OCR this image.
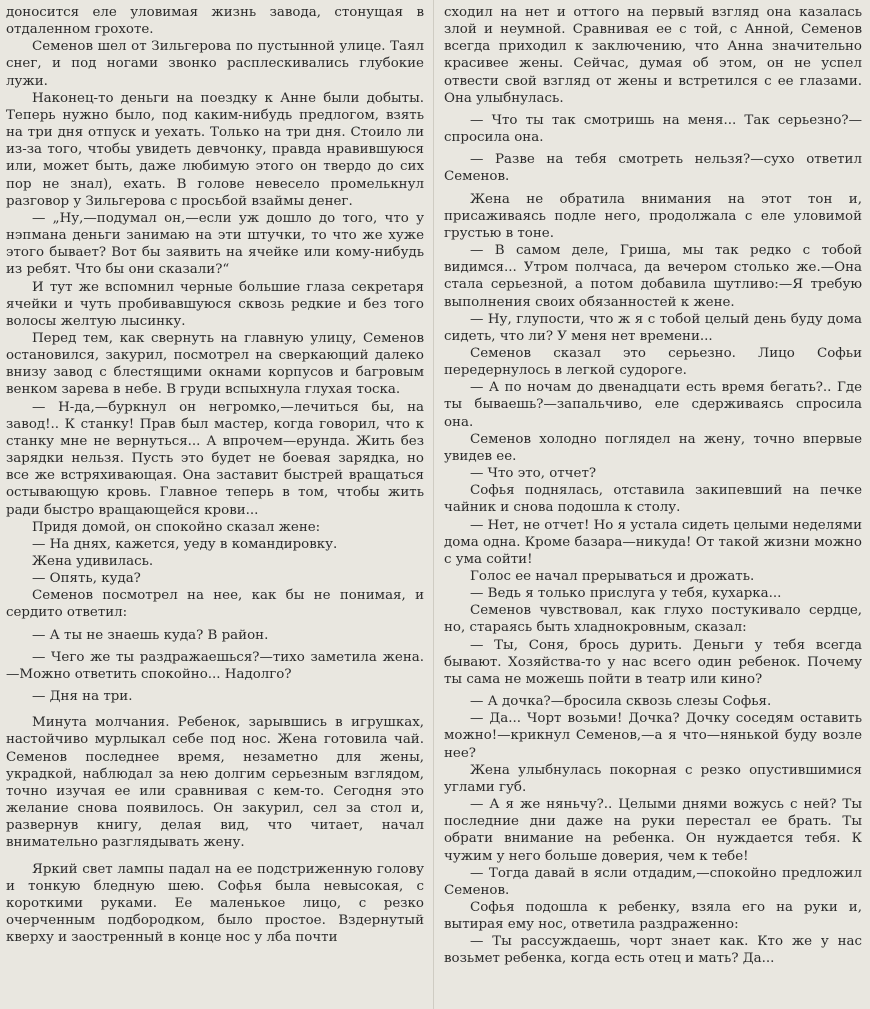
доносится еле уловимая жизнь завода, стонущая в отдаленном грохоте.

Семенов шел от Зильгерова по пустынной улице. Таял снег, и под ногами звонко расплескивались глубокие лужи.

Наконец-то деньги на поездку к Анне были добыты. Теперь нужно было, под каким-нибудь предлогом, взять на три дня отпуск и уехать. Только на три дня. Стоило ли из-за того, чтобы увидеть девчонку, правда нравившуюся или, может быть, даже любимую этого он твердо до сих пор не знал), ехать. В голове невесело промелькнул разговор у Зильгерова с просьбой взаймы денег.

— „Ну,—подумал он,—если уж дошло до того, что у нэпмана деньги занимаю на эти штучки, то что же хуже этого бывает? Вот бы заявить на ячейке или кому-нибудь из ребят. Что бы они сказали?“

И тут же вспомнил черные большие глаза секретаря ячейки и чуть пробивавшуюся сквозь редкие и без того волосы желтую лысинку.

Перед тем, как свернуть на главную улицу, Семенов остановился, закурил, посмотрел на сверкающий далеко внизу завод с блестящими окнами корпусов и багровым венком зарева в небе. В груди вспыхнула глухая тоска.

— Н-да,—буркнул он негромко,—лечиться бы, на завод!.. К станку! Прав был мастер, когда говорил, что к станку мне не вернуться... А впрочем—ерунда. Жить без зарядки нельзя. Пусть это будет не боевая зарядка, но все же встряхивающая. Она заставит быстрей вращаться остывающую кровь. Главное теперь в том, чтобы жить ради быстро вращающейся крови...

Придя домой, он спокойно сказал жене:

— На днях, кажется, уеду в командировку.

Жена удивилась.

— Опять, куда?

Семенов посмотрел на нее, как бы не понимая, и сердито ответил:

— А ты не знаешь куда? В район.

— Чего же ты раздражаешься?—тихо заметила жена.—Можно ответить спокойно... Надолго?

— Дня на три.

Минута молчания. Ребенок, зарывшись в игрушках, настойчиво мурлыкал себе под нос. Жена готовила чай. Семенов последнее время, незаметно для жены, украдкой, наблюдал за нею долгим серьезным взглядом, точно изучая ее или сравнивая с кем-то. Сегодня это желание снова появилось. Он закурил, сел за стол и, развернув книгу, делая вид, что читает, начал внимательно разглядывать жену.

Яркий свет лампы падал на ее подстриженную голову и тонкую бледную шею. Софья была невысокая, с короткими руками. Ее маленькое лицо, с резко очерченным подбородком, было простое. Вздернутый кверху и заостренный в конце нос у лба почти

сходил на нет и оттого на первый взгляд она казалась злой и неумной. Сравнивая ее с той, с Анной, Семенов всегда приходил к заключению, что Анна значительно красивее жены. Сейчас, думая об этом, он не успел отвести свой взгляд от жены и встретился с ее глазами. Она улыбнулась.

— Что ты так смотришь на меня... Так серьезно?—спросила она.

— Разве на тебя смотреть нельзя?—сухо ответил Семенов.

Жена не обратила внимания на этот тон и, присаживаясь подле него, продолжала с еле уловимой грустью в тоне.

— В самом деле, Гриша, мы так редко с тобой видимся... Утром полчаса, да вечером столько же.—Она стала серьезной, а потом добавила шутливо:—Я требую выполнения своих обязанностей к жене.

— Ну, глупости, что ж я с тобой целый день буду дома сидеть, что ли? У меня нет времени...

Семенов сказал это серьезно. Лицо Софьи передернулось в легкой судороге.

— А по ночам до двенадцати есть время бегать?.. Где ты бываешь?—запальчиво, еле сдерживаясь спросила она.

Семенов холодно поглядел на жену, точно впервые увидев ее.

— Что это, отчет?

Софья поднялась, отставила закипевший на печке чайник и снова подошла к столу.

— Нет, не отчет! Но я устала сидеть целыми неделями дома одна. Кроме базара—никуда! От такой жизни можно с ума сойти!

Голос ее начал прерываться и дрожать.

— Ведь я только прислуга у тебя, кухарка...

Семенов чувствовал, как глухо постукивало сердце, но, стараясь быть хладнокровным, сказал:

— Ты, Соня, брось дурить. Деньги у тебя всегда бывают. Хозяйства-то у нас всего один ребенок. Почему ты сама не можешь пойти в театр или кино?

— А дочка?—бросила сквозь слезы Софья.

— Да... Чорт возьми! Дочка? Дочку соседям оставить можно!—крикнул Семенов,—а я что—нянькой буду возле нее?

Жена улыбнулась покорная с резко опустившимися углами губ.

— А я же няньчу?.. Целыми днями вожусь с ней? Ты последние дни даже на руки перестал ее брать. Ты обрати внимание на ребенка. Он нуждается тебя. К чужим у него больше доверия, чем к тебе!

— Тогда давай в ясли отдадим,—спокойно предложил Семенов.

Софья подошла к ребенку, взяла его на руки и, вытирая ему нос, ответила раздраженно:

— Ты рассуждаешь, чорт знает как. Кто же у нас возьмет ребенка, когда есть отец и мать? Да...
